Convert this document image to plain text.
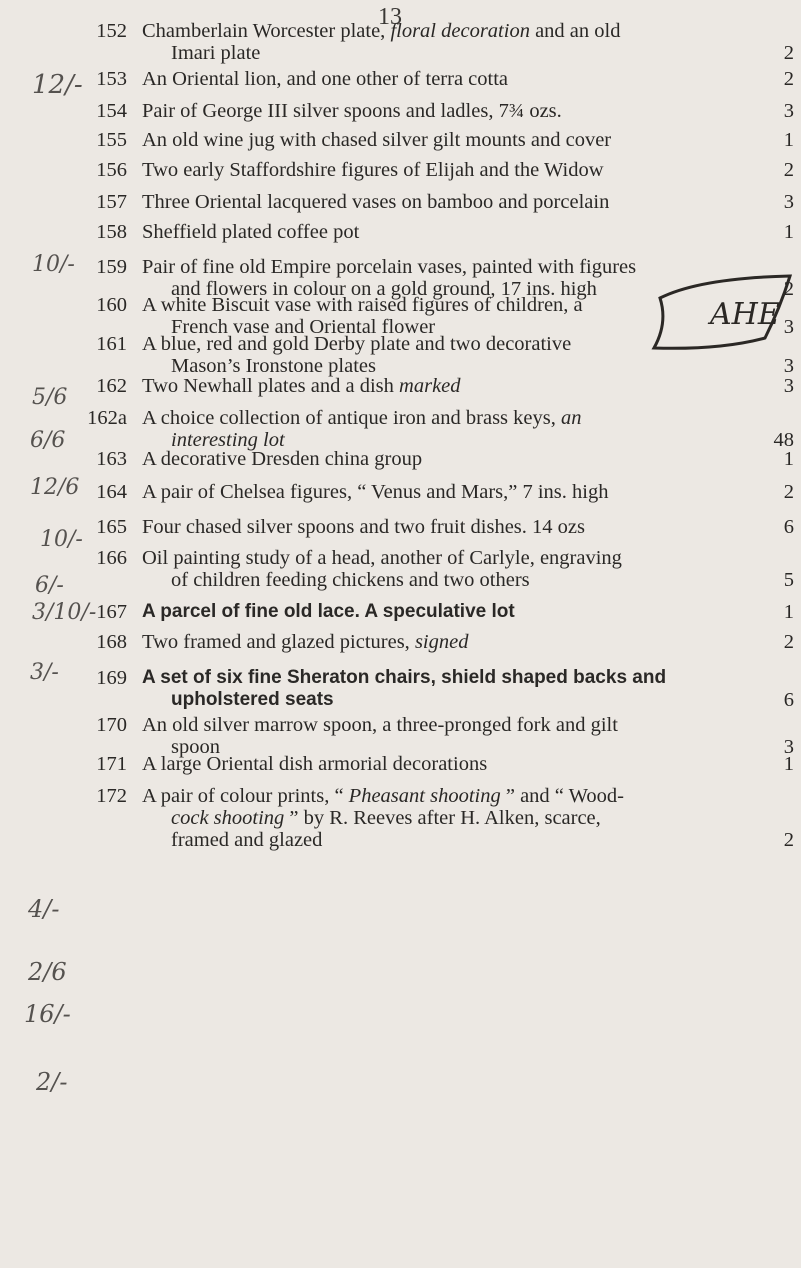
13
152 Chamberlain Worcester plate, floral decoration and an old
Imari plate	2
153 An Oriental lion, and one other of terra cotta	2
154 Pair of George III silver spoons and ladles, 7¾ ozs.	3
155 An old wine jug with chased silver gilt mounts and cover	1
156 Two early Staffordshire figures of Elijah and the Widow	2
157 Three Oriental lacquered vases on bamboo and porcelain	3
158 Sheffield plated coffee pot	1
159 Pair of fine old Empire porcelain vases, painted with figures
and flowers in colour on a gold ground, 17 ins. high	2
160 A white Biscuit vase with raised figures of children, a
French vase and Oriental flower	3
161 A blue, red and gold Derby plate and two decorative
Mason’s Ironstone plates	3
162 Two Newhall plates and a dish marked	3
162a A choice collection of antique iron and brass keys, an
interesting lot	48
163 A decorative Dresden china group	1
164 A pair of Chelsea figures, “ Venus and Mars,” 7 ins. high	2
165 Four chased silver spoons and two fruit dishes. 14 ozs	6
166 Oil painting study of a head, another of Carlyle, engraving
of children feeding chickens and two others	5
167 A parcel of fine old lace. A speculative lot	1
168 Two framed and glazed pictures, signed	2
169 A set of six fine Sheraton chairs, shield shaped backs and
upholstered seats	6
170 An old silver marrow spoon, a three-pronged fork and gilt
spoon	3
171 A large Oriental dish armorial decorations	1
172 A pair of colour prints, “ Pheasant shooting ” and “ Wood-
cock shooting ” by R. Reeves after H. Alken, scarce,
framed and glazed	2
12/-
10/-
5/6
6/6
12/6
10/-
6/-
3/10/-
3/-
4/-
2/6
16/-
2/-
AHE
